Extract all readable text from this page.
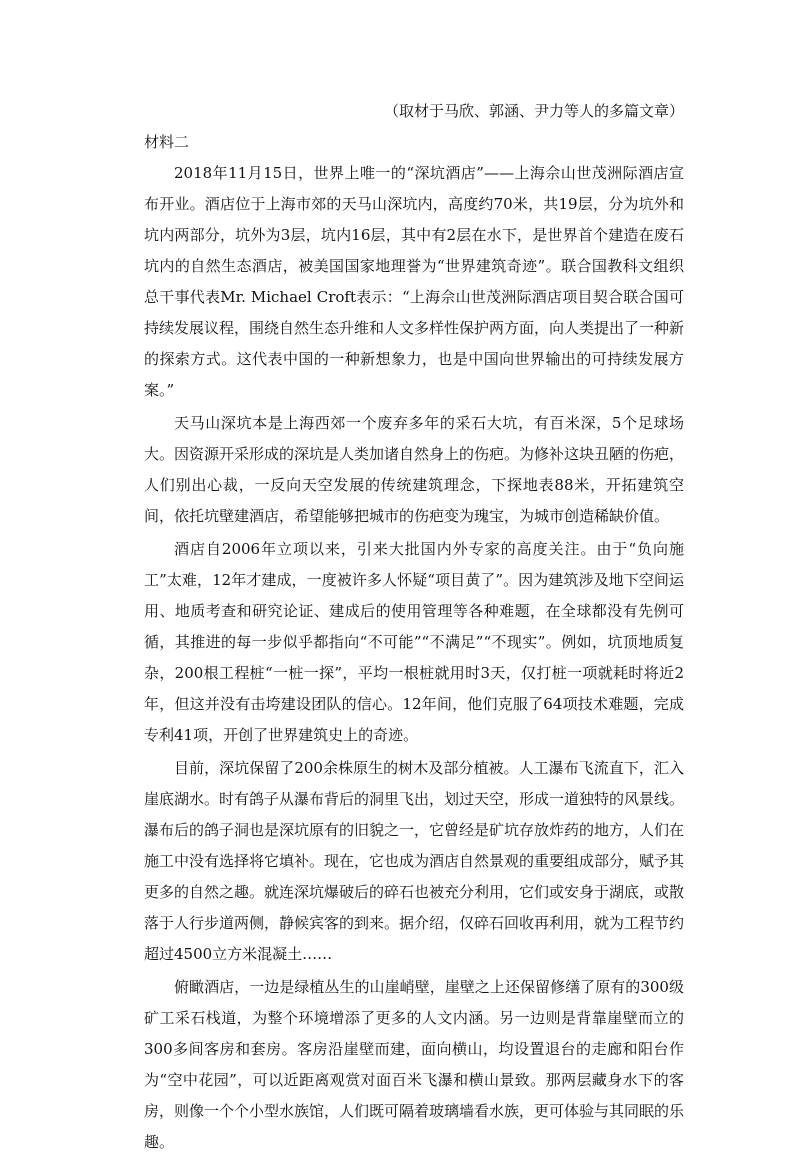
（取材于马欣、郭涵、尹力等人的多篇文章）

材料二

2018年11月15日，世界上唯一的“深坑酒店”——上海佘山世茂洲际酒店宣布开业。酒店位于上海市郊的天马山深坑内，高度约70米，共19层，分为坑外和坑内两部分，坑外为3层，坑内16层，其中有2层在水下，是世界首个建造在废石坑内的自然生态酒店，被美国国家地理誉为“世界建筑奇迹”。联合国教科文组织总干事代表Mr. Michael Croft表示：“上海佘山世茂洲际酒店项目契合联合国可持续发展议程，围绕自然生态升维和人文多样性保护两方面，向人类提出了一种新的探索方式。这代表中国的一种新想象力，也是中国向世界输出的可持续发展方案。”

天马山深坑本是上海西郊一个废弃多年的采石大坑，有百米深，5个足球场大。因资源开采形成的深坑是人类加诸自然身上的伤疤。为修补这块丑陋的伤疤，人们别出心裁，一反向天空发展的传统建筑理念，下探地表88米，开拓建筑空间，依托坑壁建酒店，希望能够把城市的伤疤变为瑰宝，为城市创造稀缺价值。

酒店自2006年立项以来，引来大批国内外专家的高度关注。由于“负向施工”太难，12年才建成，一度被许多人怀疑“项目黄了”。因为建筑涉及地下空间运用、地质考查和研究论证、建成后的使用管理等各种难题，在全球都没有先例可循，其推进的每一步似乎都指向“不可能”“不满足”“不现实”。例如，坑顶地质复杂，200根工程桩“一桩一探”，平均一根桩就用时3天，仅打桩一项就耗时将近2年，但这并没有击垮建设团队的信心。12年间，他们克服了64项技术难题，完成专利41项，开创了世界建筑史上的奇迹。

目前，深坑保留了200余株原生的树木及部分植被。人工瀑布飞流直下，汇入崖底湖水。时有鸽子从瀑布背后的洞里飞出，划过天空，形成一道独特的风景线。瀑布后的鸽子洞也是深坑原有的旧貌之一，它曾经是矿坑存放炸药的地方，人们在施工中没有选择将它填补。现在，它也成为酒店自然景观的重要组成部分，赋予其更多的自然之趣。就连深坑爆破后的碎石也被充分利用，它们或安身于湖底，或散落于人行步道两侧，静候宾客的到来。据介绍，仅碎石回收再利用，就为工程节约超过4500立方米混凝土……

俯瞰酒店，一边是绿植丛生的山崖峭壁，崖壁之上还保留修缮了原有的300级矿工采石栈道，为整个环境增添了更多的人文内涵。另一边则是背靠崖壁而立的300多间客房和套房。客房沿崖壁而建，面向横山，均设置退台的走廊和阳台作为“空中花园”，可以近距离观赏对面百米飞瀑和横山景致。那两层藏身水下的客房，则像一个个小型水族馆，人们既可隔着玻璃墙看水族，更可体验与其同眠的乐趣。
